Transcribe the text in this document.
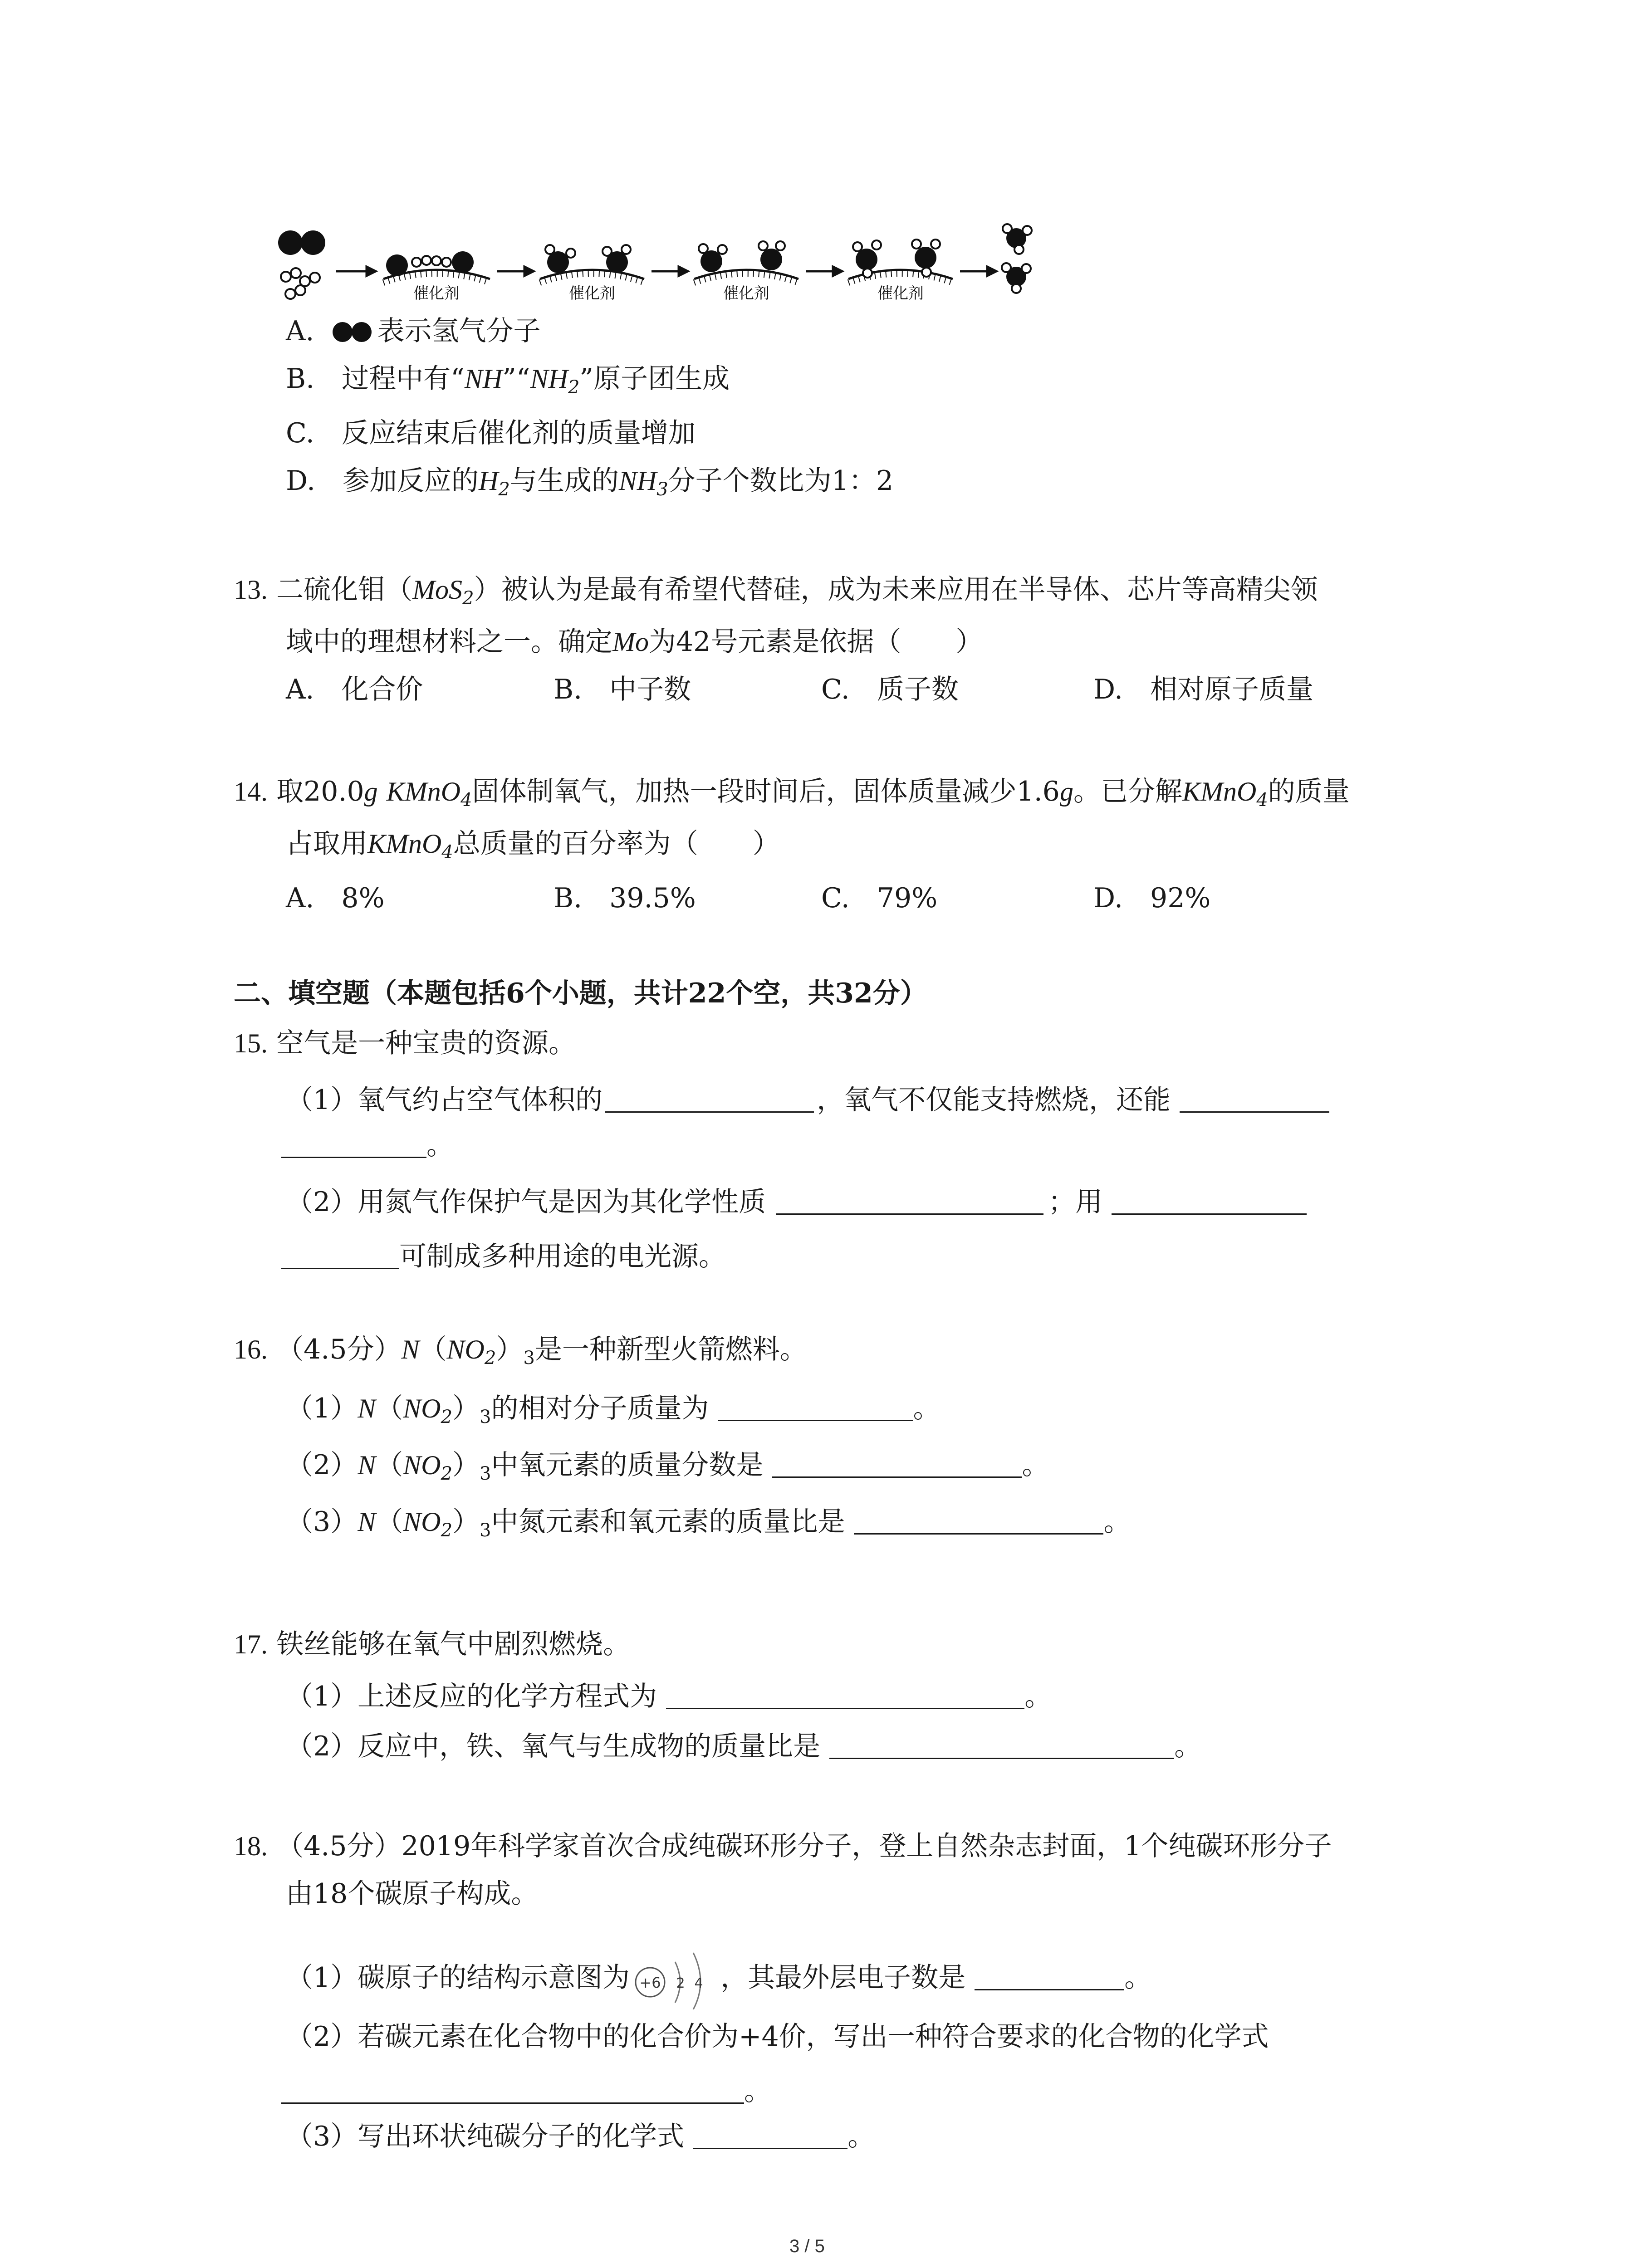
催化剂	催化剂	催化剂	催化剂
A. 表示氢气分子
B.　 过程中有“$NH”“NH_2$”原子团生成
C.　 反应结束后催化剂的质量增加
D.　 参加反应的$H_2$与生成的$NH_3$分子个数比为1：2
13. 二硫化钼（MoS$_2$）被认为是最有希望代替硅，成为未来应用在半导体、芯片等高精尖领
域中的理想材料之一。确定Mo为42号元素是依据（　　）
A.　化合价	B.　中子数	C.　质子数	D.　相对原子质量
14. 取20.0g KMnO$_4$固体制氧气，加热一段时间后，固体质量减少1.6g。已分解KMnO$_4$的质量
占取用KMnO$_4$总质量的百分率为（　　）
A.　8%	B.　39.5%	C.　79%	D.　92%
二、填空题（本题包括6个小题，共计22个空，共32分）
15. 空气是一种宝贵的资源。
（1）氧气约占空气体积的	，氧气不仅能支持燃烧，还能
。
（2）用氮气作保护气是因为其化学性质	；用
可制成多种用途的电光源。
16. （4.5分）$N(NO_2)_3$是一种新型火箭燃料。
$(1)N(NO_2)_3$的相对分子质量为	。
$(2)N(NO_2)_3$中氧元素的质量分数是	。
$(3)N(NO_2)_3$中氮元素和氧元素的质量比是	。
17. 铁丝能够在氧气中剧烈燃烧。
（1）上述反应的化学方程式为	。
（2）反应中，铁、氧气与生成物的质量比是	。
18. （4.5分）2019年科学家首次合成纯碳环形分子，登上自然杂志封面，1个纯碳环形分子
由18个碳原子构成。
（1）碳原子的结构示意图为 +6 2 4 ，其最外层电子数是	。
（2）若碳元素在化合物中的化合价为+4价，写出一种符合要求的化合物的化学式
。
（3）写出环状纯碳分子的化学式	。
3 / 5
